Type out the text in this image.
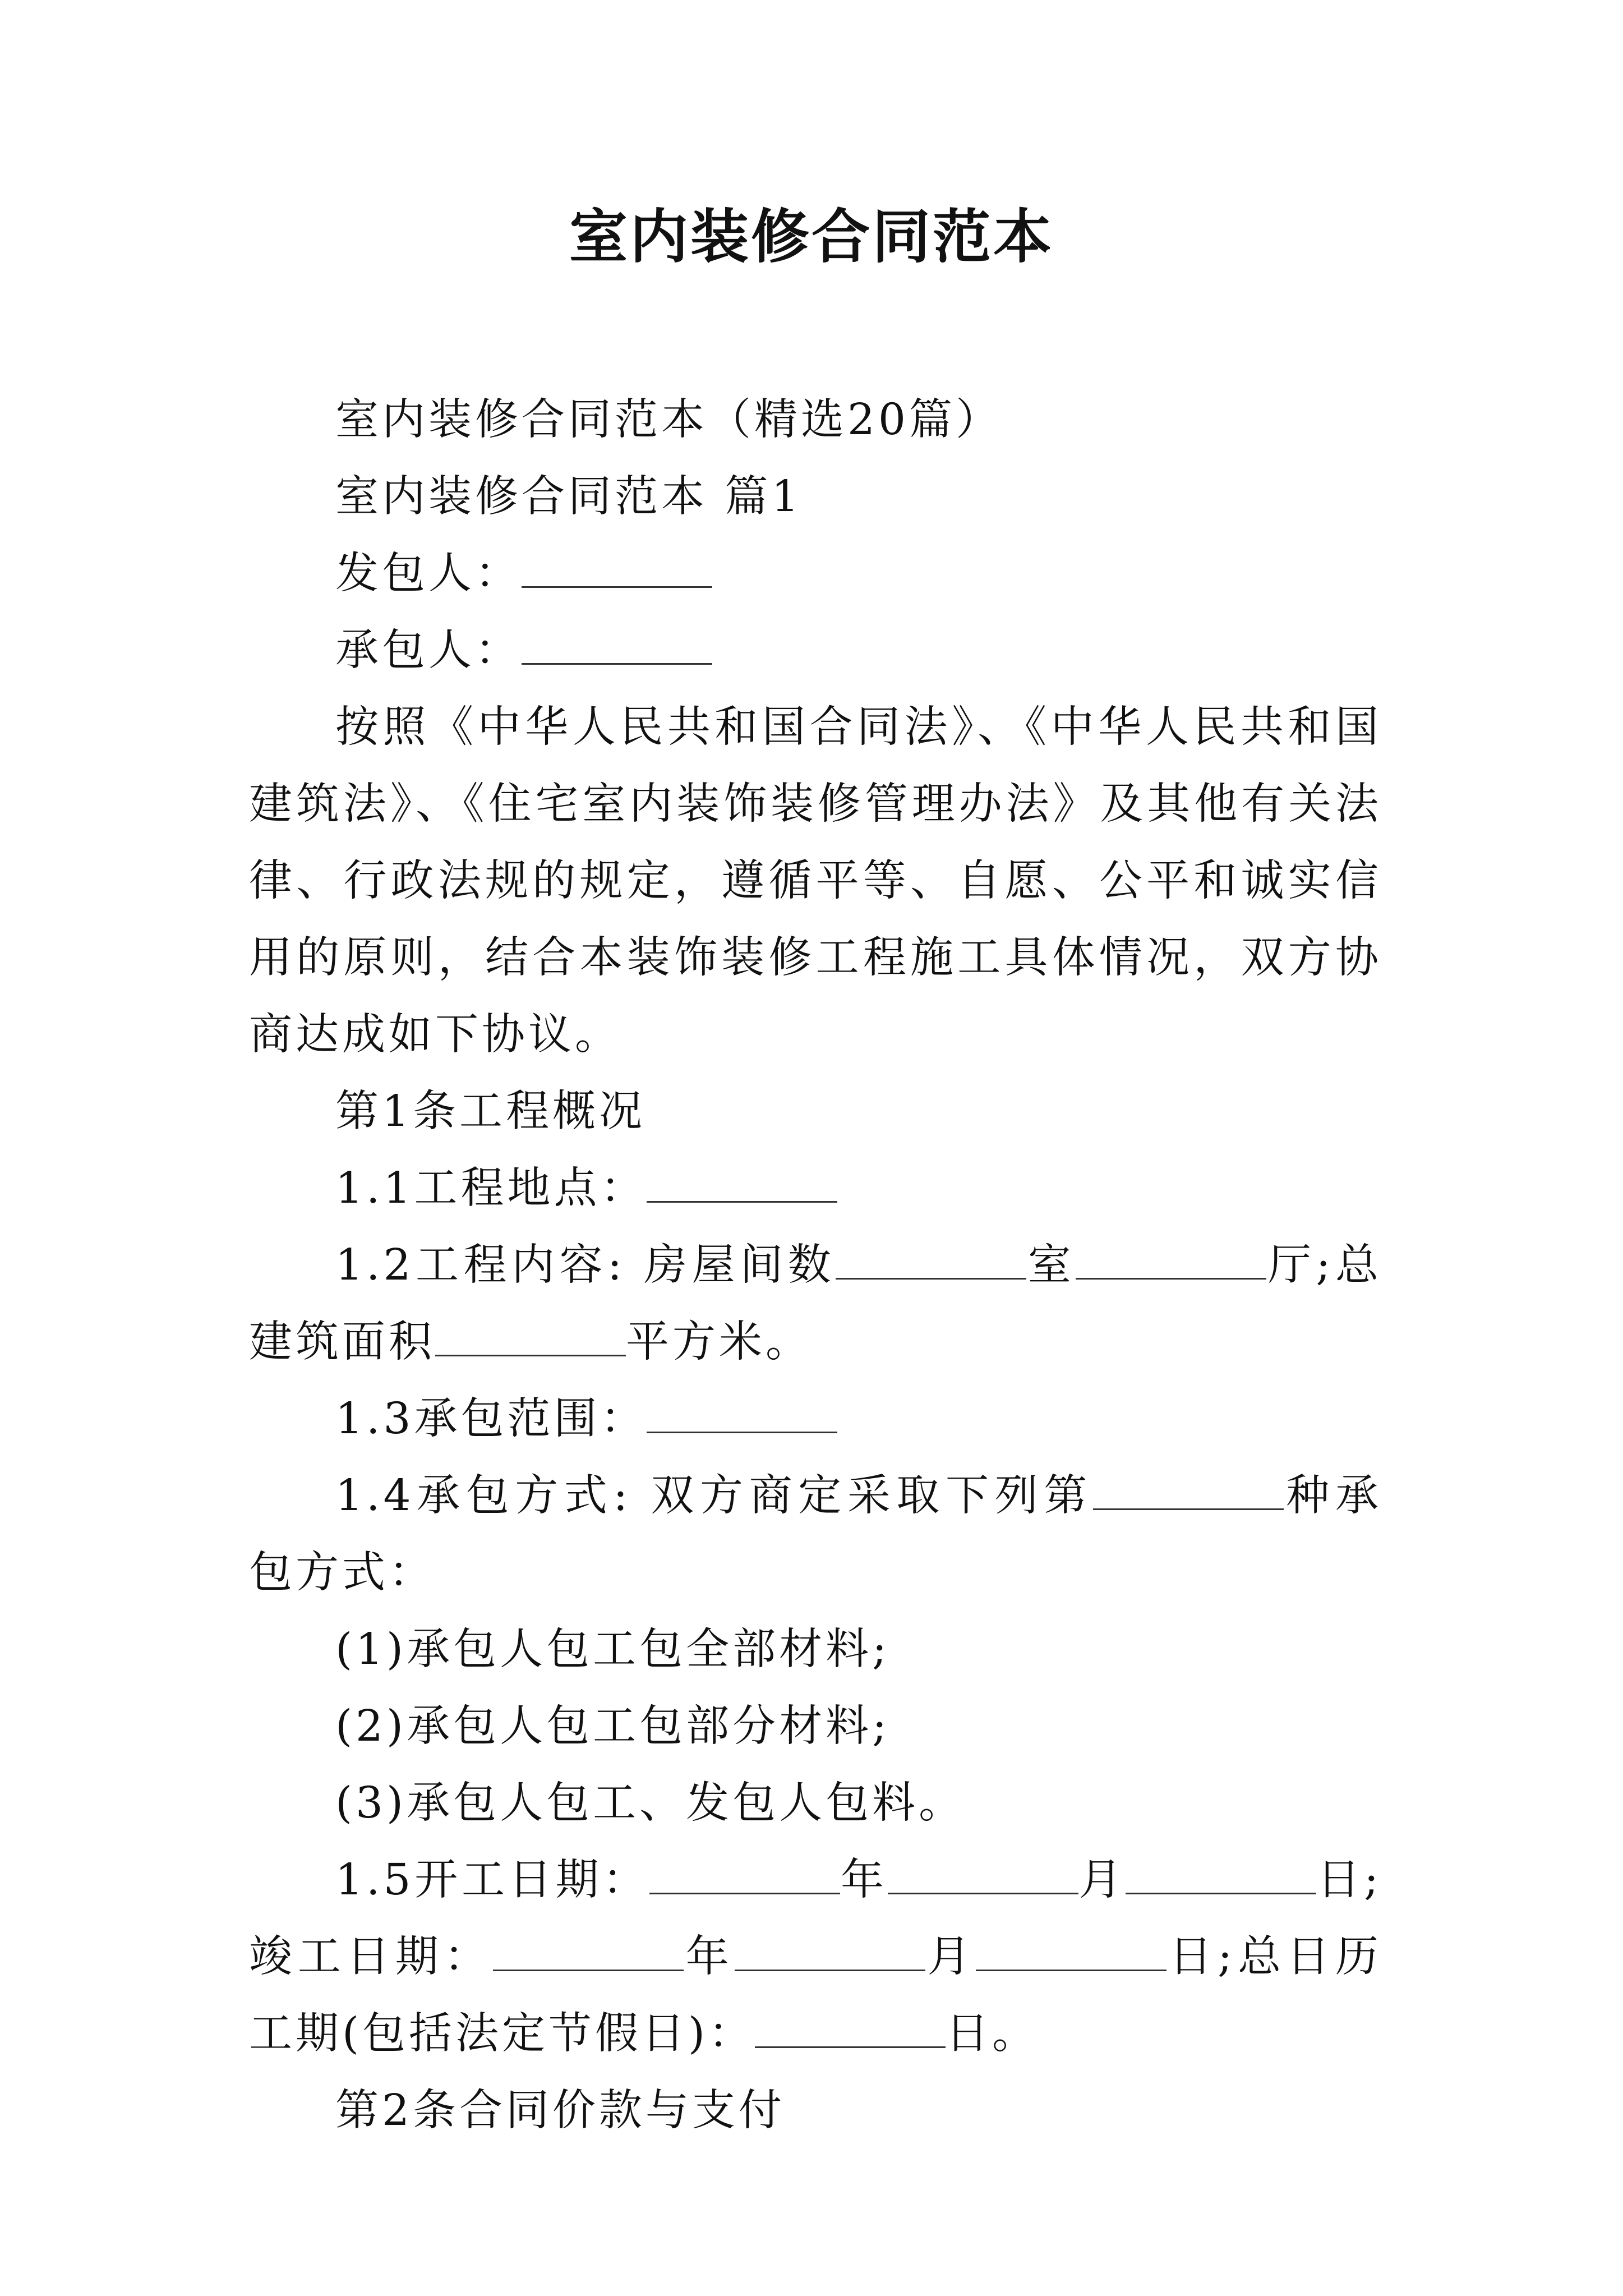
室内装修合同范本

室内装修合同范本（精选20篇）

室内装修合同范本 篇1

发包人：

承包人：

按照《中华人民共和国合同法》、《中华人民共和国建筑法》、《住宅室内装饰装修管理办法》及其他有关法律、行政法规的规定，遵循平等、自愿、公平和诚实信用的原则，结合本装饰装修工程施工具体情况，双方协商达成如下协议。

第1条工程概况

1.1工程地点：

1.2工程内容: 房屋间数	室	厅;总建筑面积	平方米。

1.3承包范围：

1.4承包方式: 双方商定采取下列第	种承包方式：

(1)承包人包工包全部材料;

(2)承包人包工包部分材料;

(3)承包人包工、发包人包料。

1.5开工日期：	年	月	日;竣工日期：	年	月	日;总日历工期(包括法定节假日)：	日。

第2条合同价款与支付
